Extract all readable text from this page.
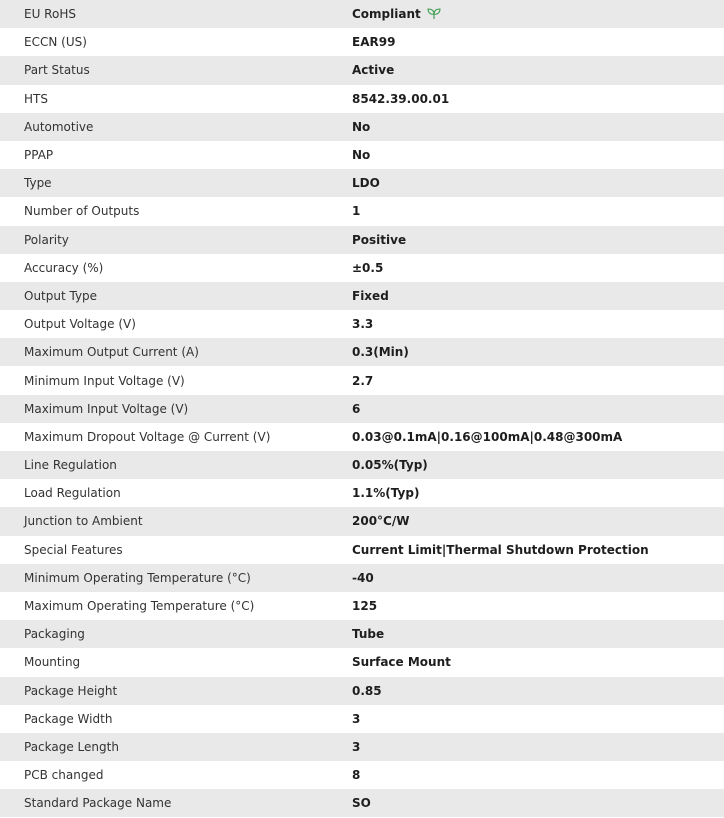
EU RoHS	Compliant
ECCN (US)	EAR99
Part Status	Active
HTS	8542.39.00.01
Automotive	No
PPAP	No
Type	LDO
Number of Outputs	1
Polarity	Positive
Accuracy (%)	±0.5
Output Type	Fixed
Output Voltage (V)	3.3
Maximum Output Current (A)	0.3(Min)
Minimum Input Voltage (V)	2.7
Maximum Input Voltage (V)	6
Maximum Dropout Voltage @ Current (V)	0.03@0.1mA|0.16@100mA|0.48@300mA
Line Regulation	0.05%(Typ)
Load Regulation	1.1%(Typ)
Junction to Ambient	200°C/W
Special Features	Current Limit|Thermal Shutdown Protection
Minimum Operating Temperature (°C)	-40
Maximum Operating Temperature (°C)	125
Packaging	Tube
Mounting	Surface Mount
Package Height	0.85
Package Width	3
Package Length	3
PCB changed	8
Standard Package Name	SO
